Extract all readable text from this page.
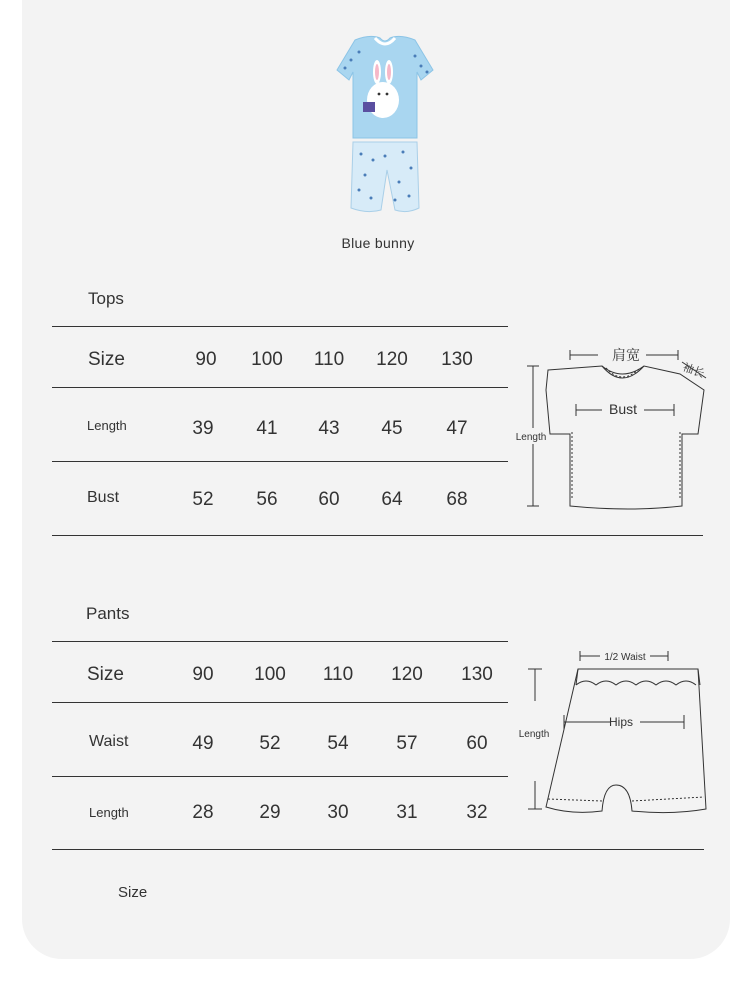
Blue bunny
Tops
Size	90	100	110	120	130
Length	39	41	43	45	47
Bust	52	56	60	64	68
肩宽
袖长
Bust
Length
Pants
Size	90	100	110	120	130
Waist	49	52	54	57	60
Length	28	29	30	31	32
1/2 Waist
Hips
Length
Size
